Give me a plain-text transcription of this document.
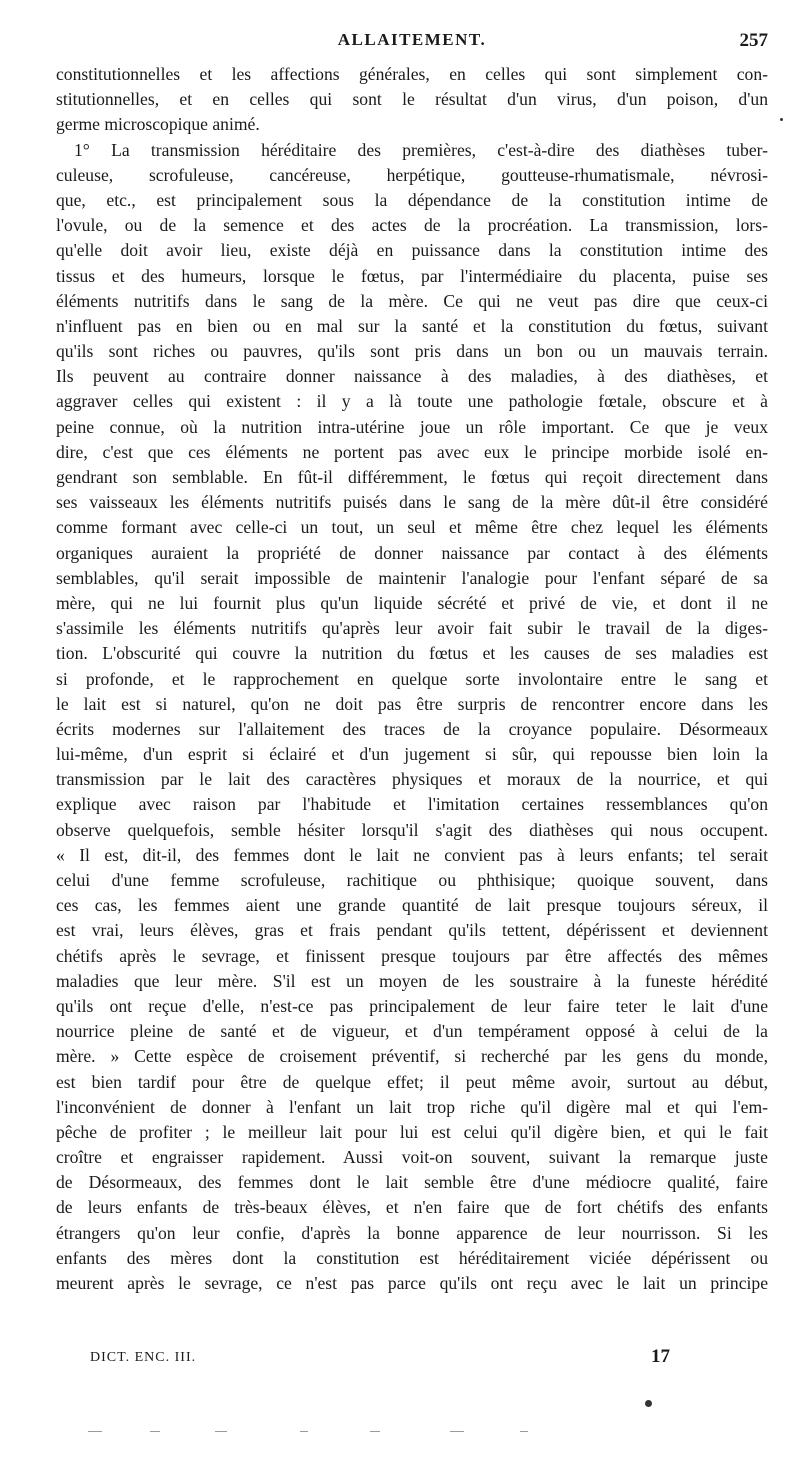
ALLAITEMENT.	257
constitutionnelles et les affections générales, en celles qui sont simplement con-
stitutionnelles, et en celles qui sont le résultat d'un virus, d'un poison, d'un
germe microscopique animé.
1° La transmission héréditaire des premières, c'est-à-dire des diathèses tuber-
culeuse, scrofuleuse, cancéreuse, herpétique, goutteuse-rhumatismale, névrosi-
que, etc., est principalement sous la dépendance de la constitution intime de
l'ovule, ou de la semence et des actes de la procréation. La transmission, lors-
qu'elle doit avoir lieu, existe déjà en puissance dans la constitution intime des
tissus et des humeurs, lorsque le fœtus, par l'intermédiaire du placenta, puise ses
éléments nutritifs dans le sang de la mère. Ce qui ne veut pas dire que ceux-ci
n'influent pas en bien ou en mal sur la santé et la constitution du fœtus, suivant
qu'ils sont riches ou pauvres, qu'ils sont pris dans un bon ou un mauvais terrain.
Ils peuvent au contraire donner naissance à des maladies, à des diathèses, et
aggraver celles qui existent : il y a là toute une pathologie fœtale, obscure et à
peine connue, où la nutrition intra-utérine joue un rôle important. Ce que je veux
dire, c'est que ces éléments ne portent pas avec eux le principe morbide isolé en-
gendrant son semblable. En fût-il différemment, le fœtus qui reçoit directement dans
ses vaisseaux les éléments nutritifs puisés dans le sang de la mère dût-il être considéré
comme formant avec celle-ci un tout, un seul et même être chez lequel les éléments
organiques auraient la propriété de donner naissance par contact à des éléments
semblables, qu'il serait impossible de maintenir l'analogie pour l'enfant séparé de sa
mère, qui ne lui fournit plus qu'un liquide sécrété et privé de vie, et dont il ne
s'assimile les éléments nutritifs qu'après leur avoir fait subir le travail de la diges-
tion. L'obscurité qui couvre la nutrition du fœtus et les causes de ses maladies est
si profonde, et le rapprochement en quelque sorte involontaire entre le sang et
le lait est si naturel, qu'on ne doit pas être surpris de rencontrer encore dans les
écrits modernes sur l'allaitement des traces de la croyance populaire. Désormeaux
lui-même, d'un esprit si éclairé et d'un jugement si sûr, qui repousse bien loin la
transmission par le lait des caractères physiques et moraux de la nourrice, et qui
explique avec raison par l'habitude et l'imitation certaines ressemblances qu'on
observe quelquefois, semble hésiter lorsqu'il s'agit des diathèses qui nous occupent.
« Il est, dit-il, des femmes dont le lait ne convient pas à leurs enfants; tel serait
celui d'une femme scrofuleuse, rachitique ou phthisique; quoique souvent, dans
ces cas, les femmes aient une grande quantité de lait presque toujours séreux, il
est vrai, leurs élèves, gras et frais pendant qu'ils tettent, dépérissent et deviennent
chétifs après le sevrage, et finissent presque toujours par être affectés des mêmes
maladies que leur mère. S'il est un moyen de les soustraire à la funeste hérédité
qu'ils ont reçue d'elle, n'est-ce pas principalement de leur faire teter le lait d'une
nourrice pleine de santé et de vigueur, et d'un tempérament opposé à celui de la
mère. » Cette espèce de croisement préventif, si recherché par les gens du monde,
est bien tardif pour être de quelque effet; il peut même avoir, surtout au début,
l'inconvénient de donner à l'enfant un lait trop riche qu'il digère mal et qui l'em-
pêche de profiter ; le meilleur lait pour lui est celui qu'il digère bien, et qui le fait
croître et engraisser rapidement. Aussi voit-on souvent, suivant la remarque juste
de Désormeaux, des femmes dont le lait semble être d'une médiocre qualité, faire
de leurs enfants de très-beaux élèves, et n'en faire que de fort chétifs des enfants
étrangers qu'on leur confie, d'après la bonne apparence de leur nourrisson. Si les
enfants des mères dont la constitution est héréditairement viciée dépérissent ou
meurent après le sevrage, ce n'est pas parce qu'ils ont reçu avec le lait un principe
DICT. ENC. III.	17
